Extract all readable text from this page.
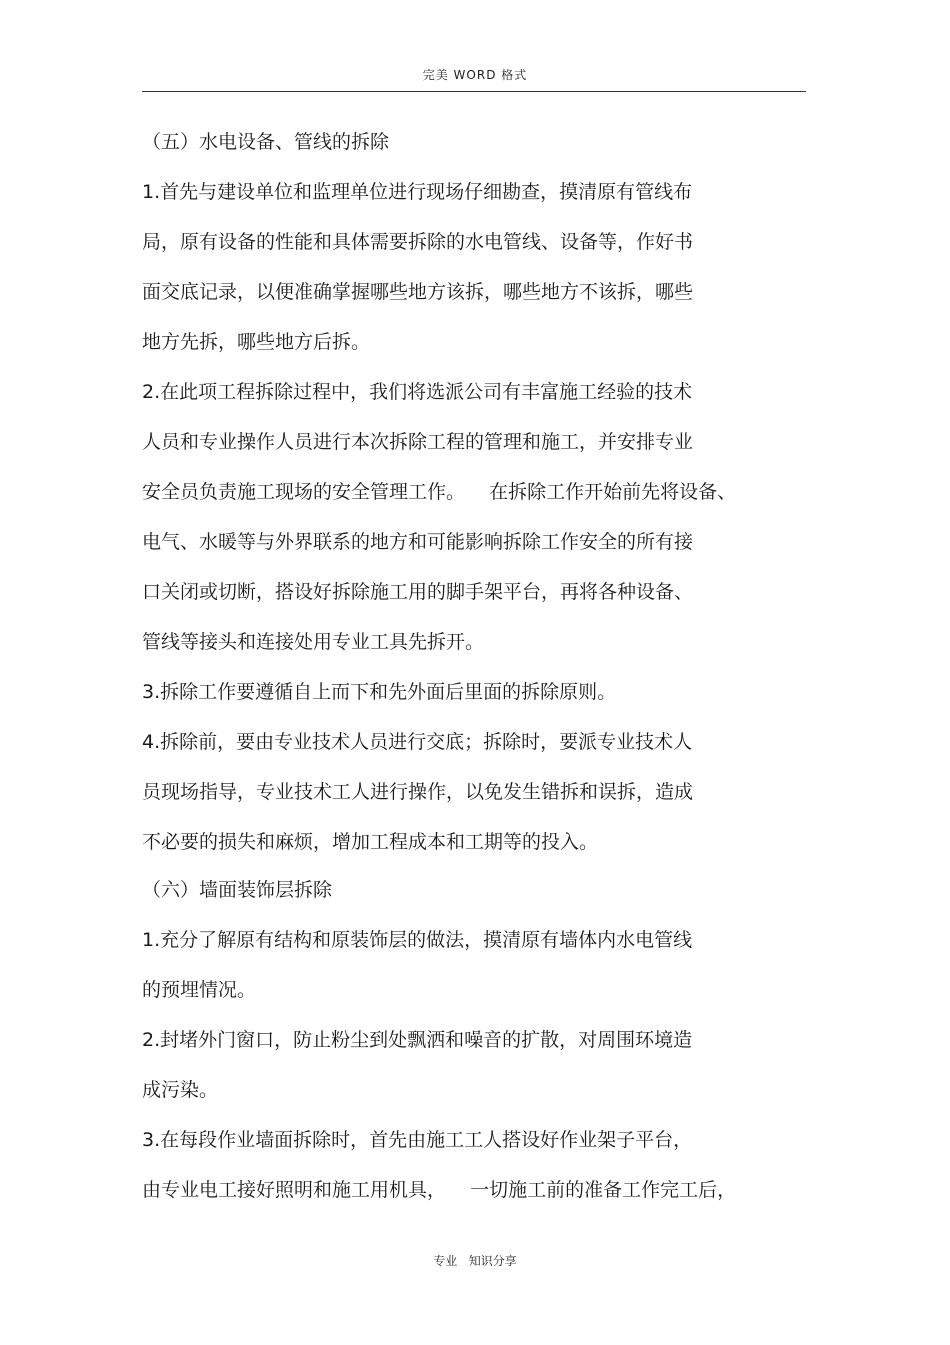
完美 WORD 格式
（五）水电设备、管线的拆除
1.首先与建设单位和监理单位进行现场仔细勘查，摸清原有管线布
局，原有设备的性能和具体需要拆除的水电管线、设备等，作好书
面交底记录，以便准确掌握哪些地方该拆，哪些地方不该拆，哪些
地方先拆，哪些地方后拆。
2.在此项工程拆除过程中，我们将选派公司有丰富施工经验的技术
人员和专业操作人员进行本次拆除工程的管理和施工，并安排专业
安全员负责施工现场的安全管理工作。    在拆除工作开始前先将设备、
电气、水暖等与外界联系的地方和可能影响拆除工作安全的所有接
口关闭或切断，搭设好拆除施工用的脚手架平台，再将各种设备、
管线等接头和连接处用专业工具先拆开。
3.拆除工作要遵循自上而下和先外面后里面的拆除原则。
4.拆除前，要由专业技术人员进行交底；拆除时，要派专业技术人
员现场指导，专业技术工人进行操作，以免发生错拆和误拆，造成
不必要的损失和麻烦，增加工程成本和工期等的投入。
（六）墙面装饰层拆除
1.充分了解原有结构和原装饰层的做法，摸清原有墙体内水电管线
的预埋情况。
2.封堵外门窗口，防止粉尘到处飘洒和噪音的扩散，对周围环境造
成污染。
3.在每段作业墙面拆除时，首先由施工工人搭设好作业架子平台，
由专业电工接好照明和施工用机具，    一切施工前的准备工作完工后，
专业   知识分享
